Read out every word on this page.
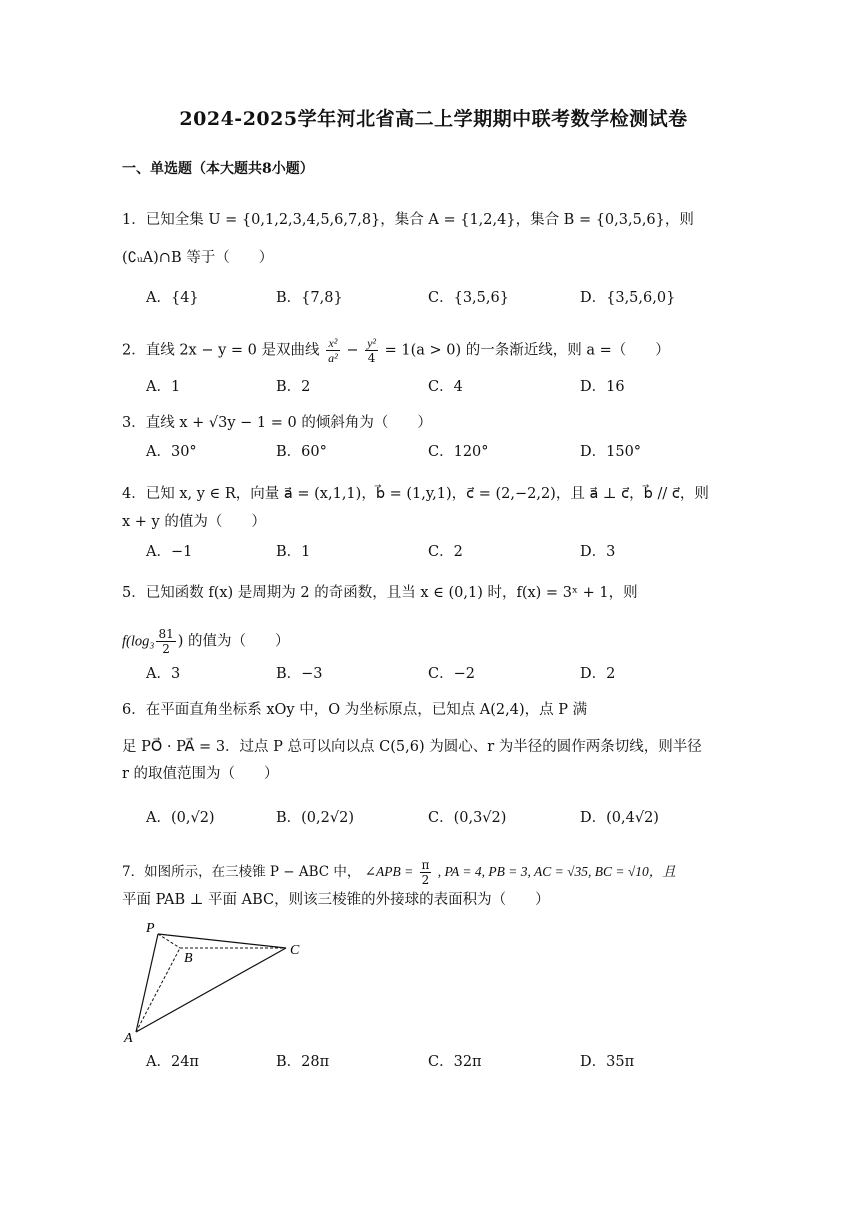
2024-2025学年河北省高二上学期期中联考数学检测试卷
一、单选题（本大题共8小题）
1．已知全集 U = {0,1,2,3,4,5,6,7,8}，集合 A = {1,2,4}，集合 B = {0,3,5,6}，则
(∁ᵤA)∩B 等于（　　）
A．{4}	B．{7,8}	C．{3,5,6}	D．{3,5,6,0}
2．直线 2x − y = 0 是双曲线 $\frac{\text{x²}}{\text{a²}} - \frac{\text{y²}}{4} = 1(a > 0)$ 的一条渐近线，则 a =（　　）
A．1	B．2	C．4	D．16
3．直线 x + √3y − 1 = 0 的倾斜角为（　　）
A．30°	B．60°	C．120°	D．150°
4．已知 x, y ∈ R，向量 a⃗ = (x,1,1)，b⃗ = (1,y,1)，c⃗ = (2,−2,2)，且 a⃗ ⊥ c⃗，b⃗ // c⃗，则
x + y 的值为（　　）
A．−1	B．1	C．2	D．3
5．已知函数 f(x) 是周期为 2 的奇函数，且当 x ∈ (0,1) 时，f(x) = 3ˣ + 1，则
$f(\log_3 \frac{81}{2}$ ) 的值为（　　）
A．3	B．−3	C．−2	D．2
6．在平面直角坐标系 xOy 中，O 为坐标原点，已知点 A(2,4)，点 P 满
足 PO⃗ · PA⃗ = 3．过点 P 总可以向以点 C(5,6) 为圆心、r 为半径的圆作两条切线，则半径
r 的取值范围为（　　）
A．(0,√2)	B．(0,2√2)	C．(0,3√2)	D．(0,4√2)
7．如图所示，在三棱锥 P − ABC 中， ∠APB = $\frac{\pi}{2}$ , PA = 4, PB = 3, AC = √35, BC = √10，且
平面 PAB ⊥ 平面 ABC，则该三棱锥的外接球的表面积为（　　）
P
B
C
A
A．24π	B．28π	C．32π	D．35π
